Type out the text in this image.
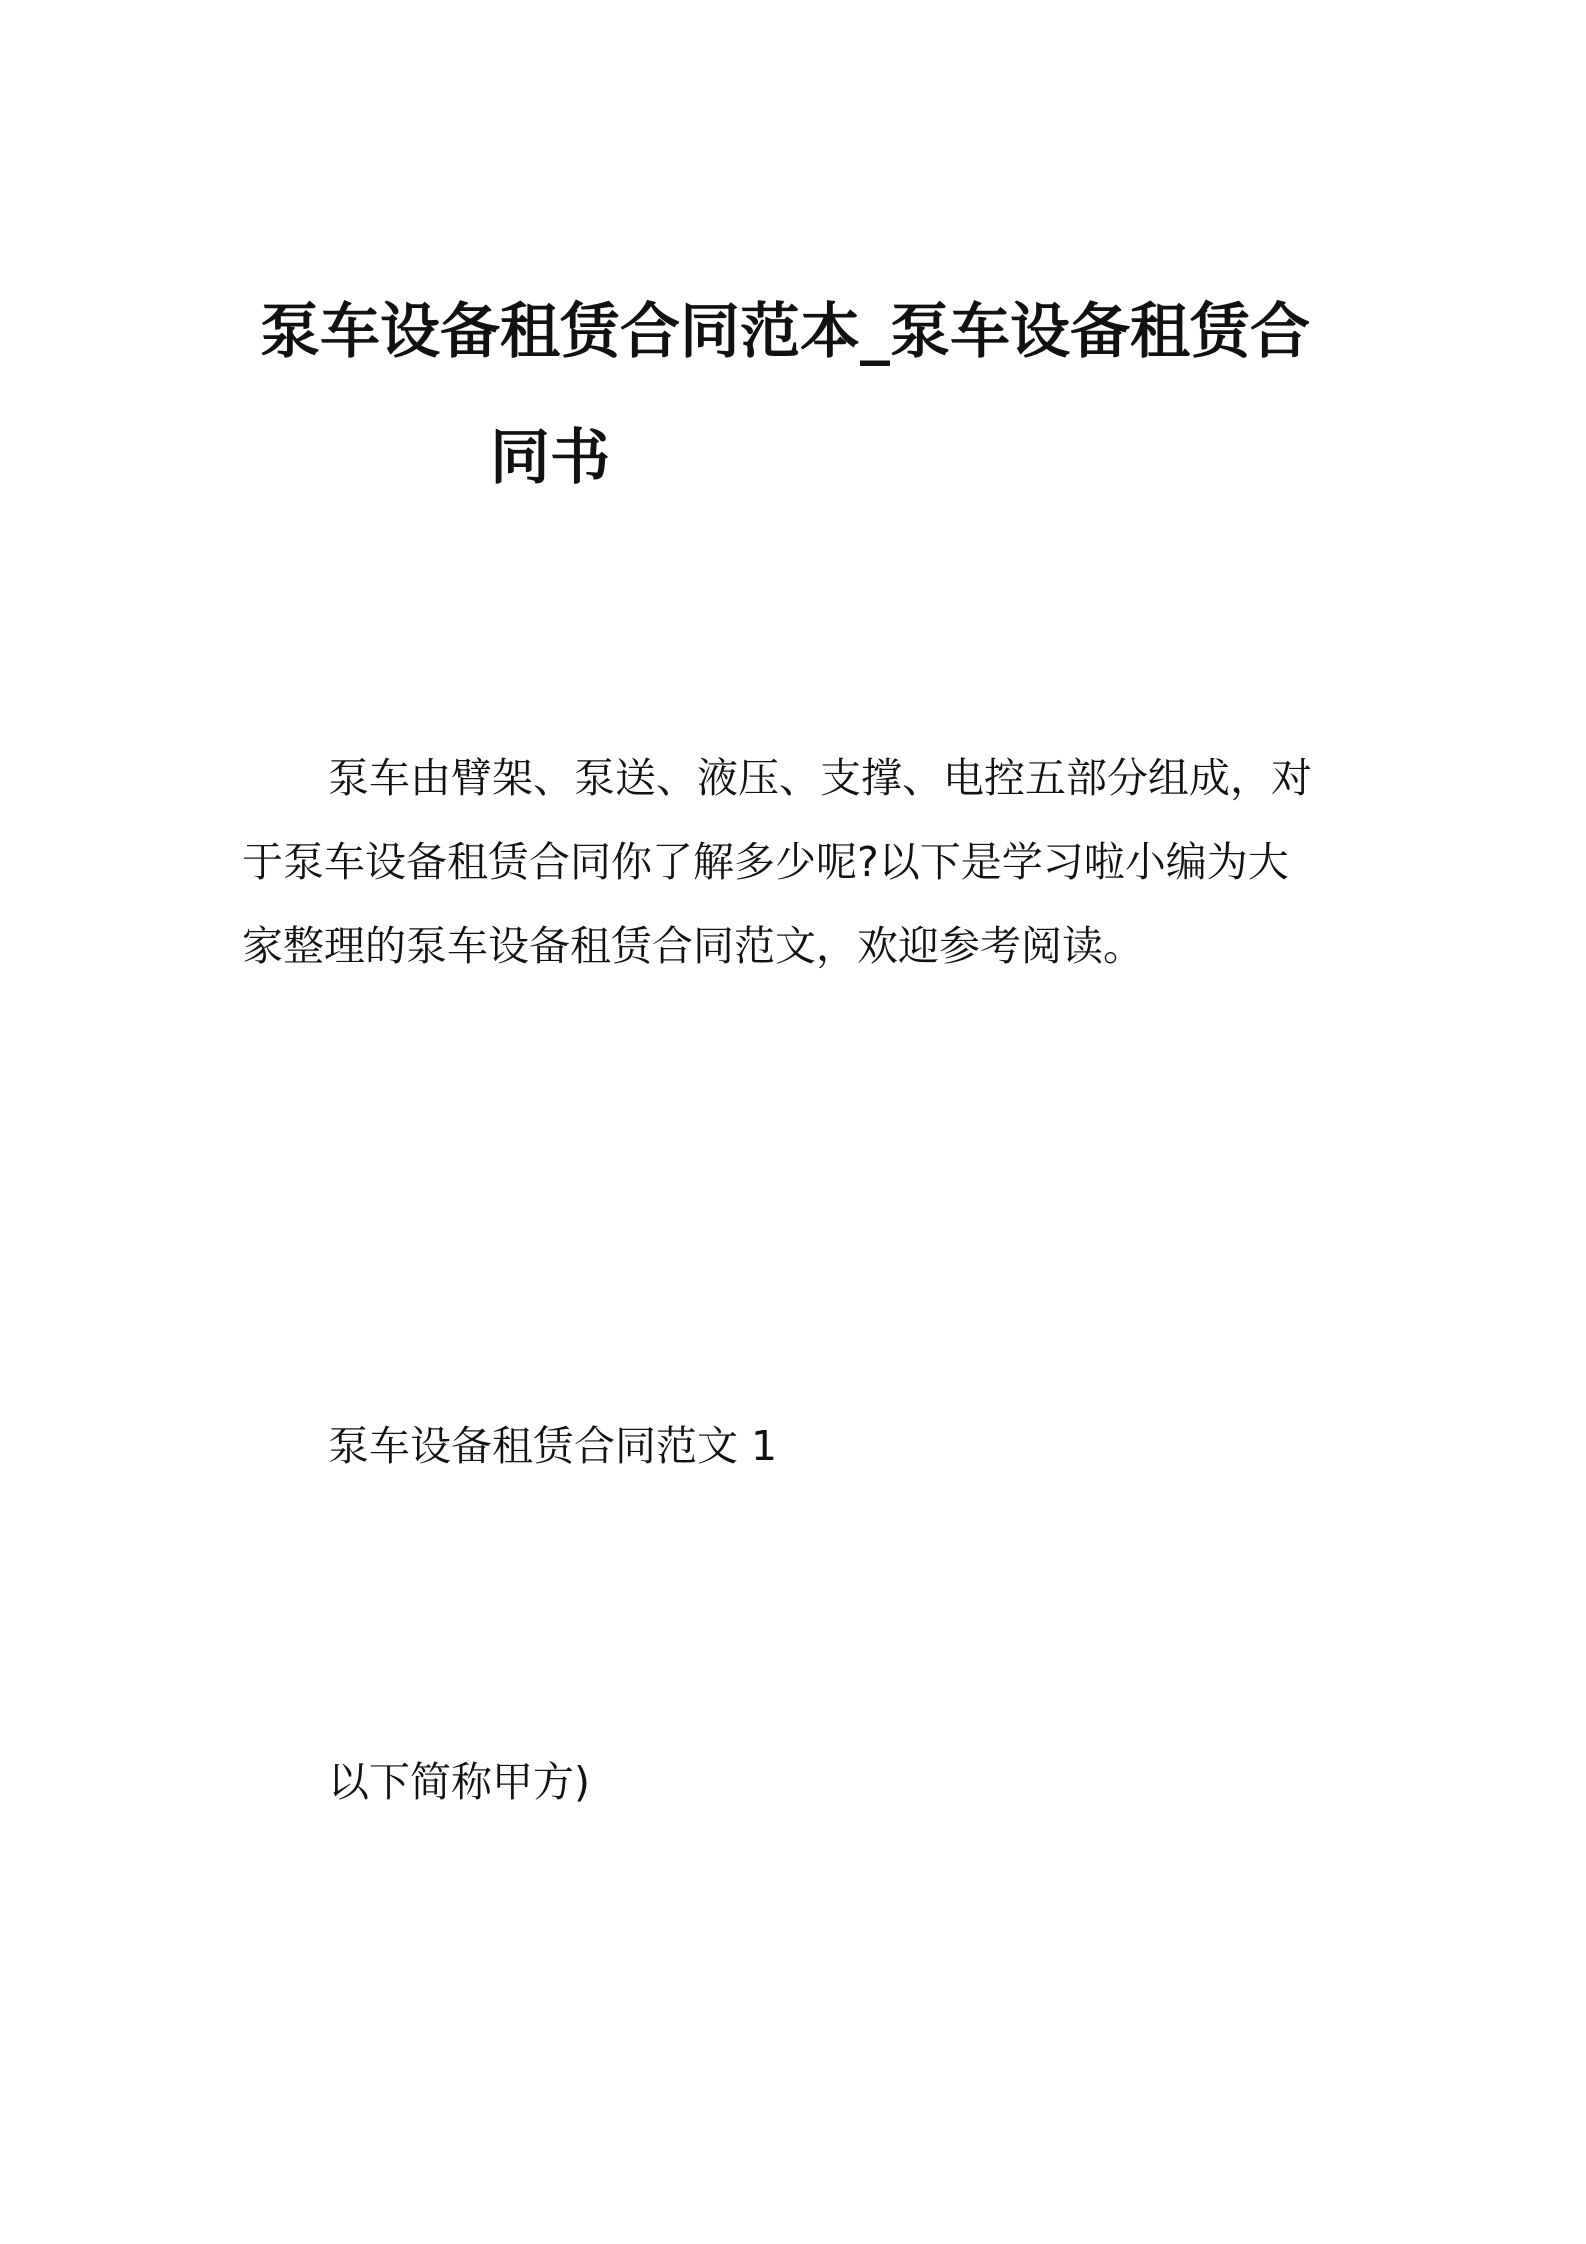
泵车设备租赁合同范本_泵车设备租赁合
同书
泵车由臂架、泵送、液压、支撑、电控五部分组成，对
于泵车设备租赁合同你了解多少呢?以下是学习啦小编为大
家整理的泵车设备租赁合同范文，欢迎参考阅读。
泵车设备租赁合同范文 1
以下简称甲方)
